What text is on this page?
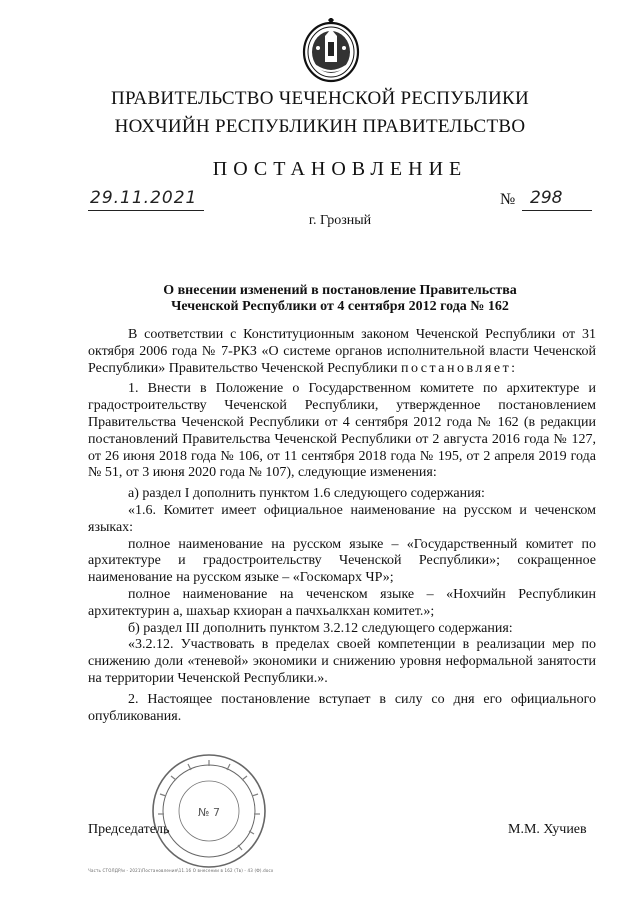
ПРАВИТЕЛЬСТВО ЧЕЧЕНСКОЙ РЕСПУБЛИКИ
НОХЧИЙН РЕСПУБЛИКИН ПРАВИТЕЛЬСТВО
ПОСТАНОВЛЕНИЕ
29.11.2021	№ 298
г. Грозный
О внесении изменений в постановление Правительства
Чеченской Республики от 4 сентября 2012 года № 162

В соответствии с Конституционным законом Чеченской Республики от 31 октября 2006 года № 7-РКЗ «О системе органов исполнительной власти Чеченской Республики» Правительство Чеченской Республики постановляет:

1. Внести в Положение о Государственном комитете по архитектуре и градостроительству Чеченской Республики, утвержденное постановлением Правительства Чеченской Республики от 4 сентября 2012 года № 162 (в редакции постановлений Правительства Чеченской Республики от 2 августа 2016 года № 127, от 26 июня 2018 года № 106, от 11 сентября 2018 года № 195, от 2 апреля 2019 года № 51, от 3 июня 2020 года № 107), следующие изменения:

а) раздел I дополнить пунктом 1.6 следующего содержания:

«1.6. Комитет имеет официальное наименование на русском и чеченском языках:

полное наименование на русском языке – «Государственный комитет по архитектуре и градостроительству Чеченской Республики»; сокращенное наименование на русском языке – «Госкомарх ЧР»;

полное наименование на чеченском языке – «Нохчийн Республикин архитектурин а, шахьар кхиоран а пачхьалкхан комитет.»;

б) раздел III дополнить пунктом 3.2.12 следующего содержания:

«3.2.12. Участвовать в пределах своей компетенции в реализации мер по снижению доли «теневой» экономики и снижению уровня неформальной занятости на территории Чеченской Республики.».

2. Настоящее постановление вступает в силу со дня его официального опубликования.

№ 7
Председатель	М.М. Хучиев
Часть СТОЛДР/и - 2021\Постановления\11.16 О внесении в 162 (Тв) - 43 (Ф).docx
